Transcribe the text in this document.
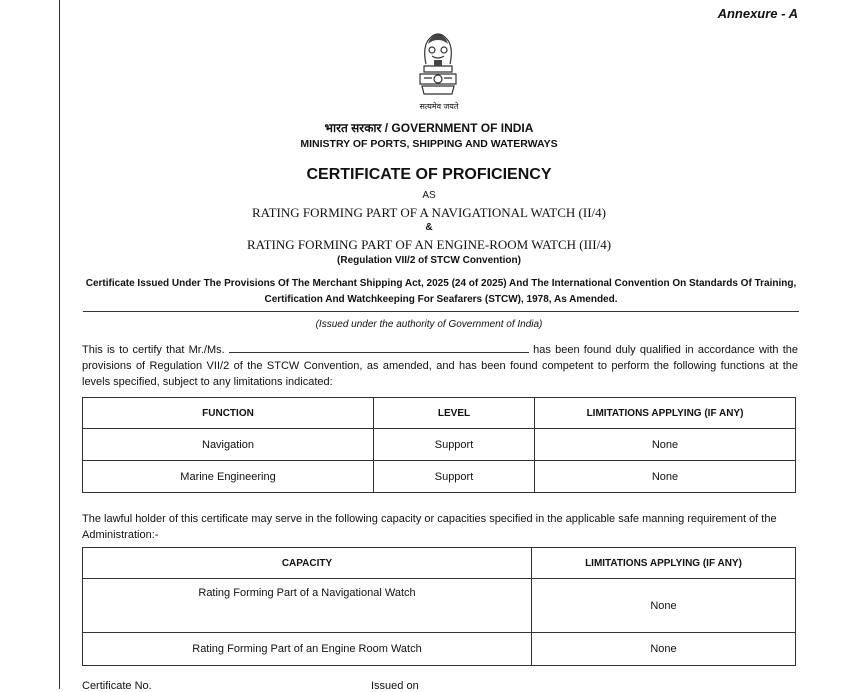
Annexure - A
सत्यमेव जयते
भारत सरकार / GOVERNMENT OF INDIA
MINISTRY OF PORTS, SHIPPING AND WATERWAYS
CERTIFICATE OF PROFICIENCY
AS
RATING FORMING PART OF A NAVIGATIONAL WATCH (II/4)
&
RATING FORMING PART OF AN ENGINE-ROOM WATCH (III/4)
(Regulation VII/2 of STCW Convention)
Certificate Issued Under The Provisions Of The Merchant Shipping Act, 2025 (24 of 2025) And The International Convention On Standards Of Training, Certification And Watchkeeping For Seafarers (STCW), 1978, As Amended.
(Issued under the authority of Government of India)
This is to certify that Mr./Ms.	has been found duly qualified in accordance with the provisions of Regulation VII/2 of the STCW Convention, as amended, and has been found competent to perform the following functions at the levels specified, subject to any limitations indicated:
FUNCTION	LEVEL	LIMITATIONS APPLYING (IF ANY)
Navigation	Support	None
Marine Engineering	Support	None
The lawful holder of this certificate may serve in the following capacity or capacities specified in the applicable safe manning requirement of the Administration:-
CAPACITY	LIMITATIONS APPLYING (IF ANY)
Rating Forming Part of a Navigational Watch	None
Rating Forming Part of an Engine Room Watch	None
Certificate No.	Issued on
